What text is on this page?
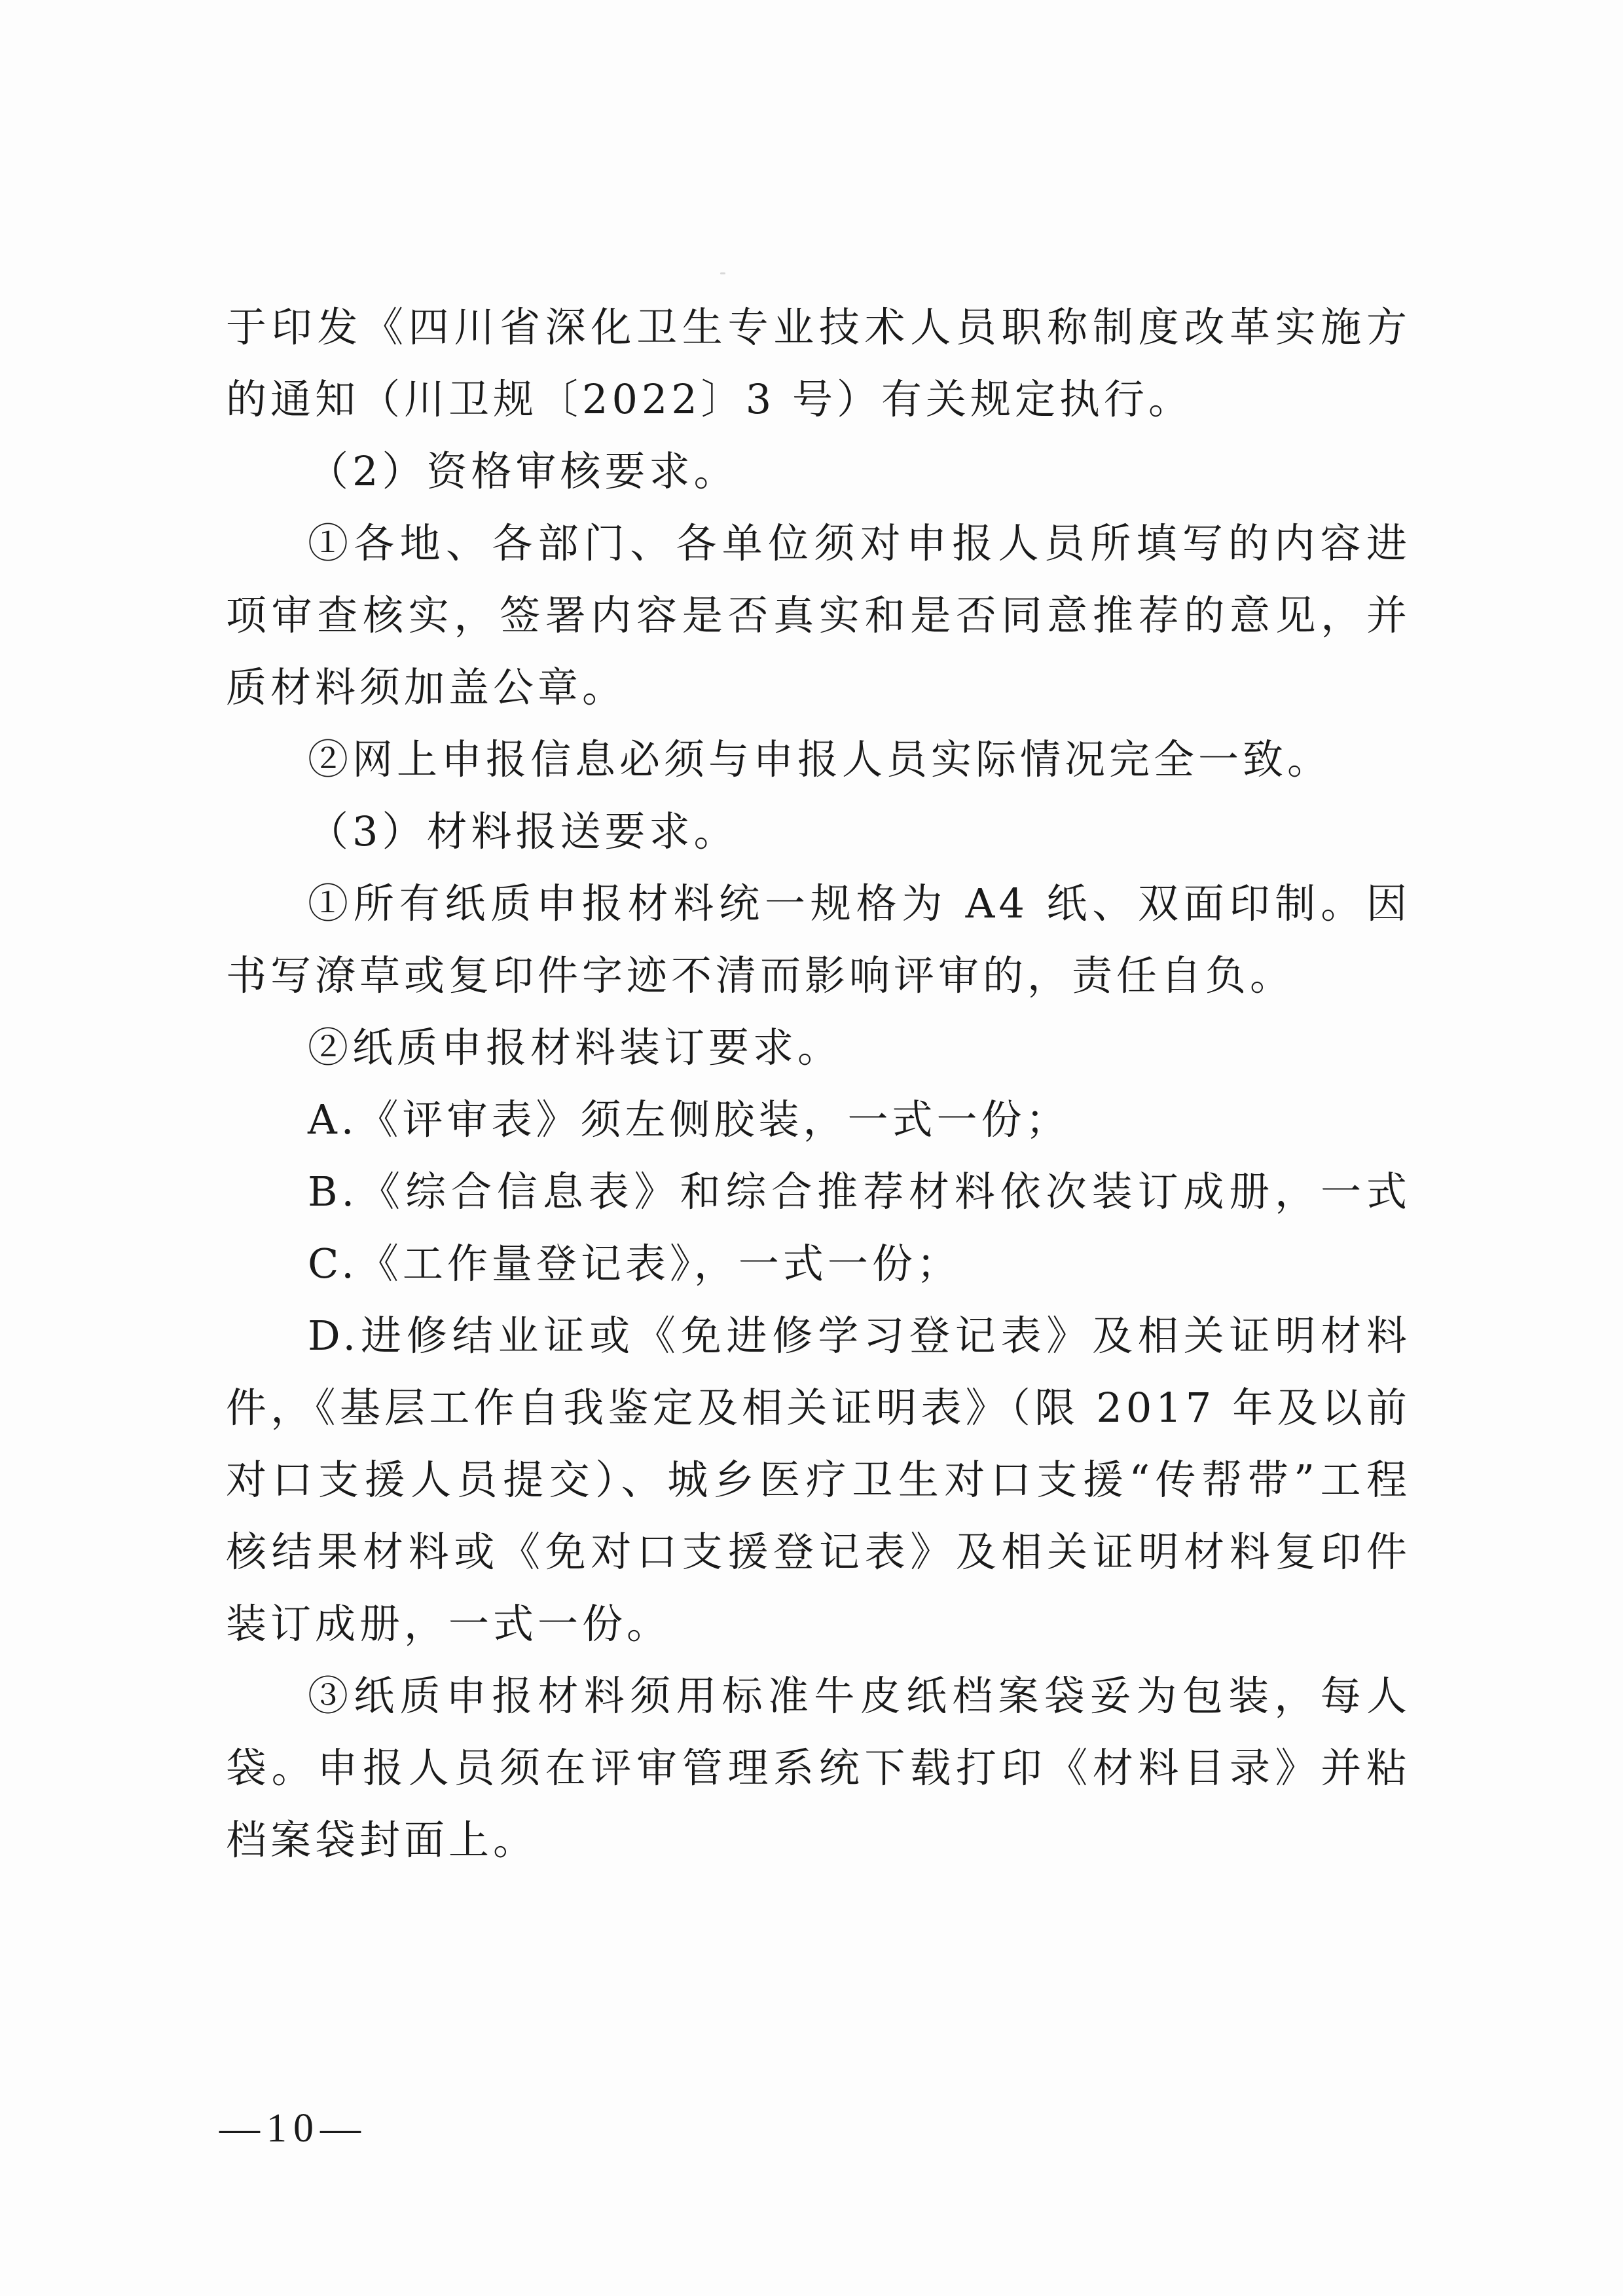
于印发《四川省深化卫生专业技术人员职称制度改革实施方
的通知（川卫规〔2022〕3 号）有关规定执行。
（2）资格审核要求。
①各地、各部门、各单位须对申报人员所填写的内容进
项审查核实，签署内容是否真实和是否同意推荐的意见，并
质材料须加盖公章。
②网上申报信息必须与申报人员实际情况完全一致。
（3）材料报送要求。
①所有纸质申报材料统一规格为 A4 纸、双面印制。因
书写潦草或复印件字迹不清而影响评审的，责任自负。
②纸质申报材料装订要求。
A.《评审表》须左侧胶装，一式一份；
B.《综合信息表》和综合推荐材料依次装订成册，一式
C.《工作量登记表》，一式一份；
D.进修结业证或《免进修学习登记表》及相关证明材料
件，《基层工作自我鉴定及相关证明表》（限 2017 年及以前
对口支援人员提交）、城乡医疗卫生对口支援“传帮带”工程
核结果材料或《免对口支援登记表》及相关证明材料复印件
装订成册，一式一份。
③纸质申报材料须用标准牛皮纸档案袋妥为包装，每人
袋。申报人员须在评审管理系统下载打印《材料目录》并粘
档案袋封面上。
—10—
